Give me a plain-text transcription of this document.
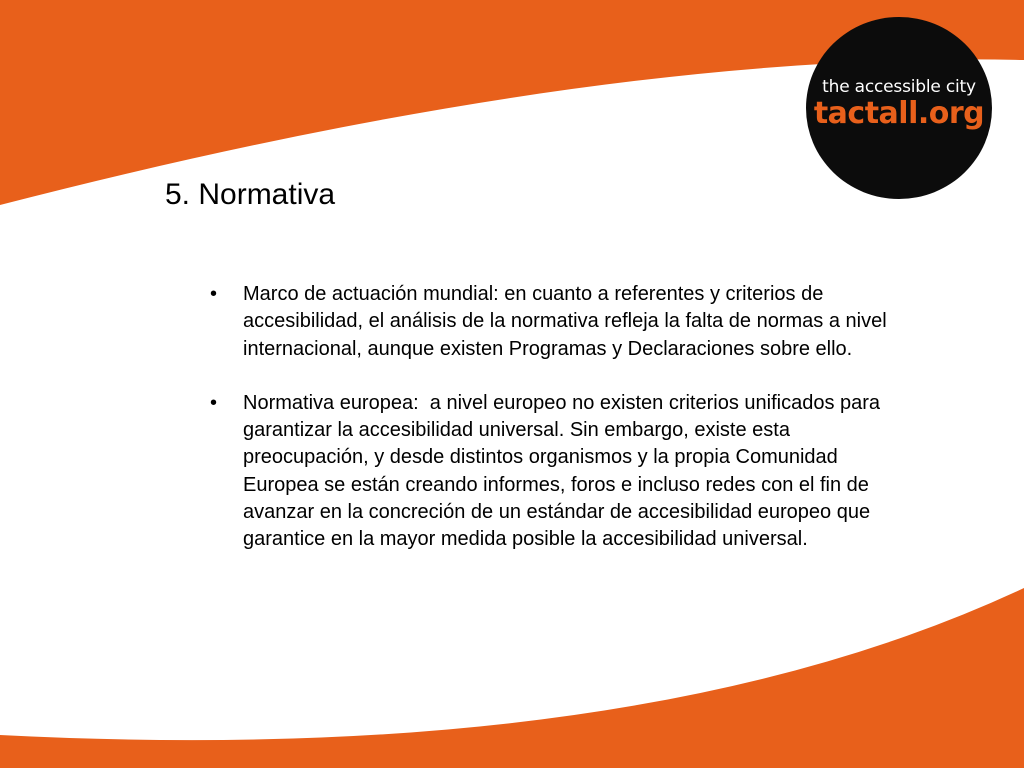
the accessible city
tactall.org
5. Normativa
•	Marco de actuación mundial: en cuanto a referentes y criterios de accesibilidad, el análisis de la normativa refleja la falta de normas a nivel internacional, aunque existen Programas y Declaraciones sobre ello.
•	Normativa europea:  a nivel europeo no existen criterios unificados para garantizar la accesibilidad universal. Sin embargo, existe esta preocupación, y desde distintos organismos y la propia Comunidad Europea se están creando informes, foros e incluso redes con el fin de avanzar en la concreción de un estándar de accesibilidad europeo que garantice en la mayor medida posible la accesibilidad universal.
